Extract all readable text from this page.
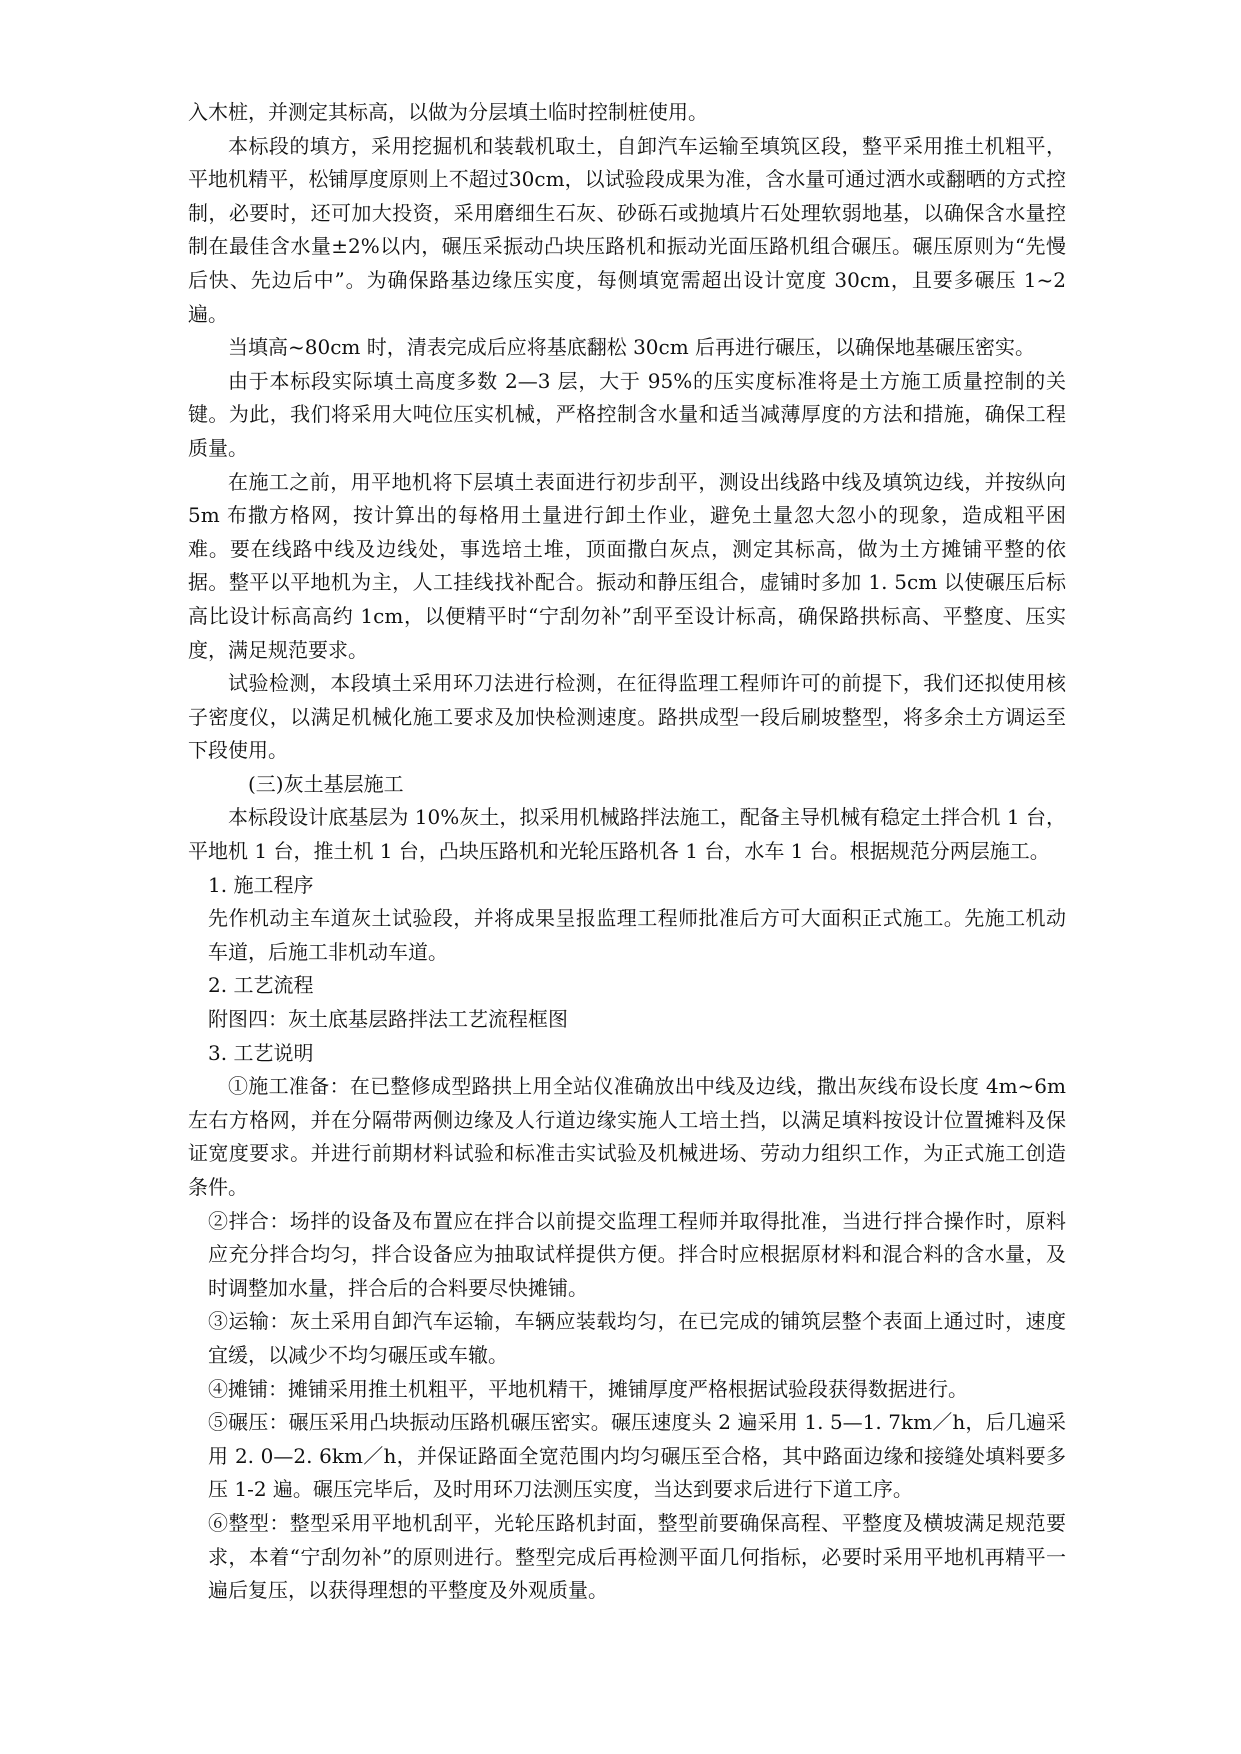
入木桩，并测定其标高，以做为分层填土临时控制桩使用。

本标段的填方，采用挖掘机和装载机取土，自卸汽车运输至填筑区段，整平采用推土机粗平，平地机精平，松铺厚度原则上不超过30cm，以试验段成果为准，含水量可通过洒水或翻晒的方式控制，必要时，还可加大投资，采用磨细生石灰、砂砾石或抛填片石处理软弱地基，以确保含水量控制在最佳含水量±2%以内，碾压采振动凸块压路机和振动光面压路机组合碾压。碾压原则为“先慢后快、先边后中”。为确保路基边缘压实度，每侧填宽需超出设计宽度 30cm，且要多碾压 1~2 遍。

当填高~80cm 时，清表完成后应将基底翻松 30cm 后再进行碾压，以确保地基碾压密实。

由于本标段实际填土高度多数 2—3 层，大于 95%的压实度标准将是土方施工质量控制的关键。为此，我们将采用大吨位压实机械，严格控制含水量和适当减薄厚度的方法和措施，确保工程质量。

在施工之前，用平地机将下层填土表面进行初步刮平，测设出线路中线及填筑边线，并按纵向 5m 布撒方格网，按计算出的每格用土量进行卸土作业，避免土量忽大忽小的现象，造成粗平困难。要在线路中线及边线处，事选培土堆，顶面撒白灰点，测定其标高，做为土方摊铺平整的依据。整平以平地机为主，人工挂线找补配合。振动和静压组合，虚铺时多加 1. 5cm 以使碾压后标高比设计标高高约 1cm，以便精平时“宁刮勿补”刮平至设计标高，确保路拱标高、平整度、压实度，满足规范要求。

试验检测，本段填土采用环刀法进行检测，在征得监理工程师许可的前提下，我们还拟使用核子密度仪，以满足机械化施工要求及加快检测速度。路拱成型一段后刷坡整型，将多余土方调运至下段使用。

(三)灰土基层施工

本标段设计底基层为 10%灰土，拟采用机械路拌法施工，配备主导机械有稳定土拌合机 1 台，平地机 1 台，推土机 1 台，凸块压路机和光轮压路机各 1 台，水车 1 台。根据规范分两层施工。

1. 施工程序

先作机动主车道灰土试验段，并将成果呈报监理工程师批准后方可大面积正式施工。先施工机动车道，后施工非机动车道。

2. 工艺流程

附图四：灰土底基层路拌法工艺流程框图

3. 工艺说明

①施工准备：在已整修成型路拱上用全站仪准确放出中线及边线，撒出灰线布设长度 4m~6m 左右方格网，并在分隔带两侧边缘及人行道边缘实施人工培土挡，以满足填料按设计位置摊料及保证宽度要求。并进行前期材料试验和标准击实试验及机械进场、劳动力组织工作，为正式施工创造条件。

②拌合：场拌的设备及布置应在拌合以前提交监理工程师并取得批准，当进行拌合操作时，原料应充分拌合均匀，拌合设备应为抽取试样提供方便。拌合时应根据原材料和混合料的含水量，及时调整加水量，拌合后的合料要尽快摊铺。

③运输：灰土采用自卸汽车运输，车辆应装载均匀，在已完成的铺筑层整个表面上通过时，速度宜缓，以减少不均匀碾压或车辙。

④摊铺：摊铺采用推土机粗平，平地机精干，摊铺厚度严格根据试验段获得数据进行。

⑤碾压：碾压采用凸块振动压路机碾压密实。碾压速度头 2 遍采用 1. 5—1. 7km／h，后几遍采用 2. 0—2. 6km／h，并保证路面全宽范围内均匀碾压至合格，其中路面边缘和接缝处填料要多压 1-2 遍。碾压完毕后，及时用环刀法测压实度，当达到要求后进行下道工序。

⑥整型：整型采用平地机刮平，光轮压路机封面，整型前要确保高程、平整度及横坡满足规范要求，本着“宁刮勿补”的原则进行。整型完成后再检测平面几何指标，必要时采用平地机再精平一遍后复压，以获得理想的平整度及外观质量。
